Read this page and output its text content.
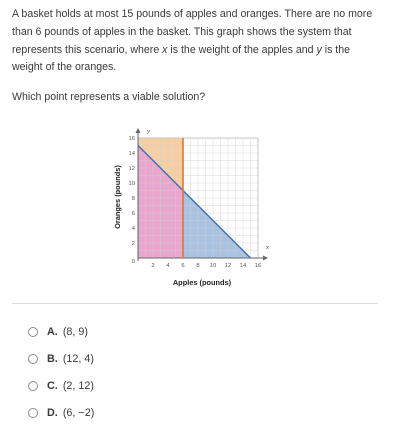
A basket holds at most 15 pounds of apples and oranges. There are no more

than 6 pounds of apples in the basket. This graph shows the system that

represents this scenario, where x is the weight of the apples and y is the

weight of the oranges.

Which point represents a viable solution?
2 4 6 8 10 12 14 16
2
4
6
8
10
12
14
16
0
y
x
Apples (pounds)
Oranges (pounds)
A. (8, 9)
B. (12, 4)
C. (2, 12)
D. (6, −2)
